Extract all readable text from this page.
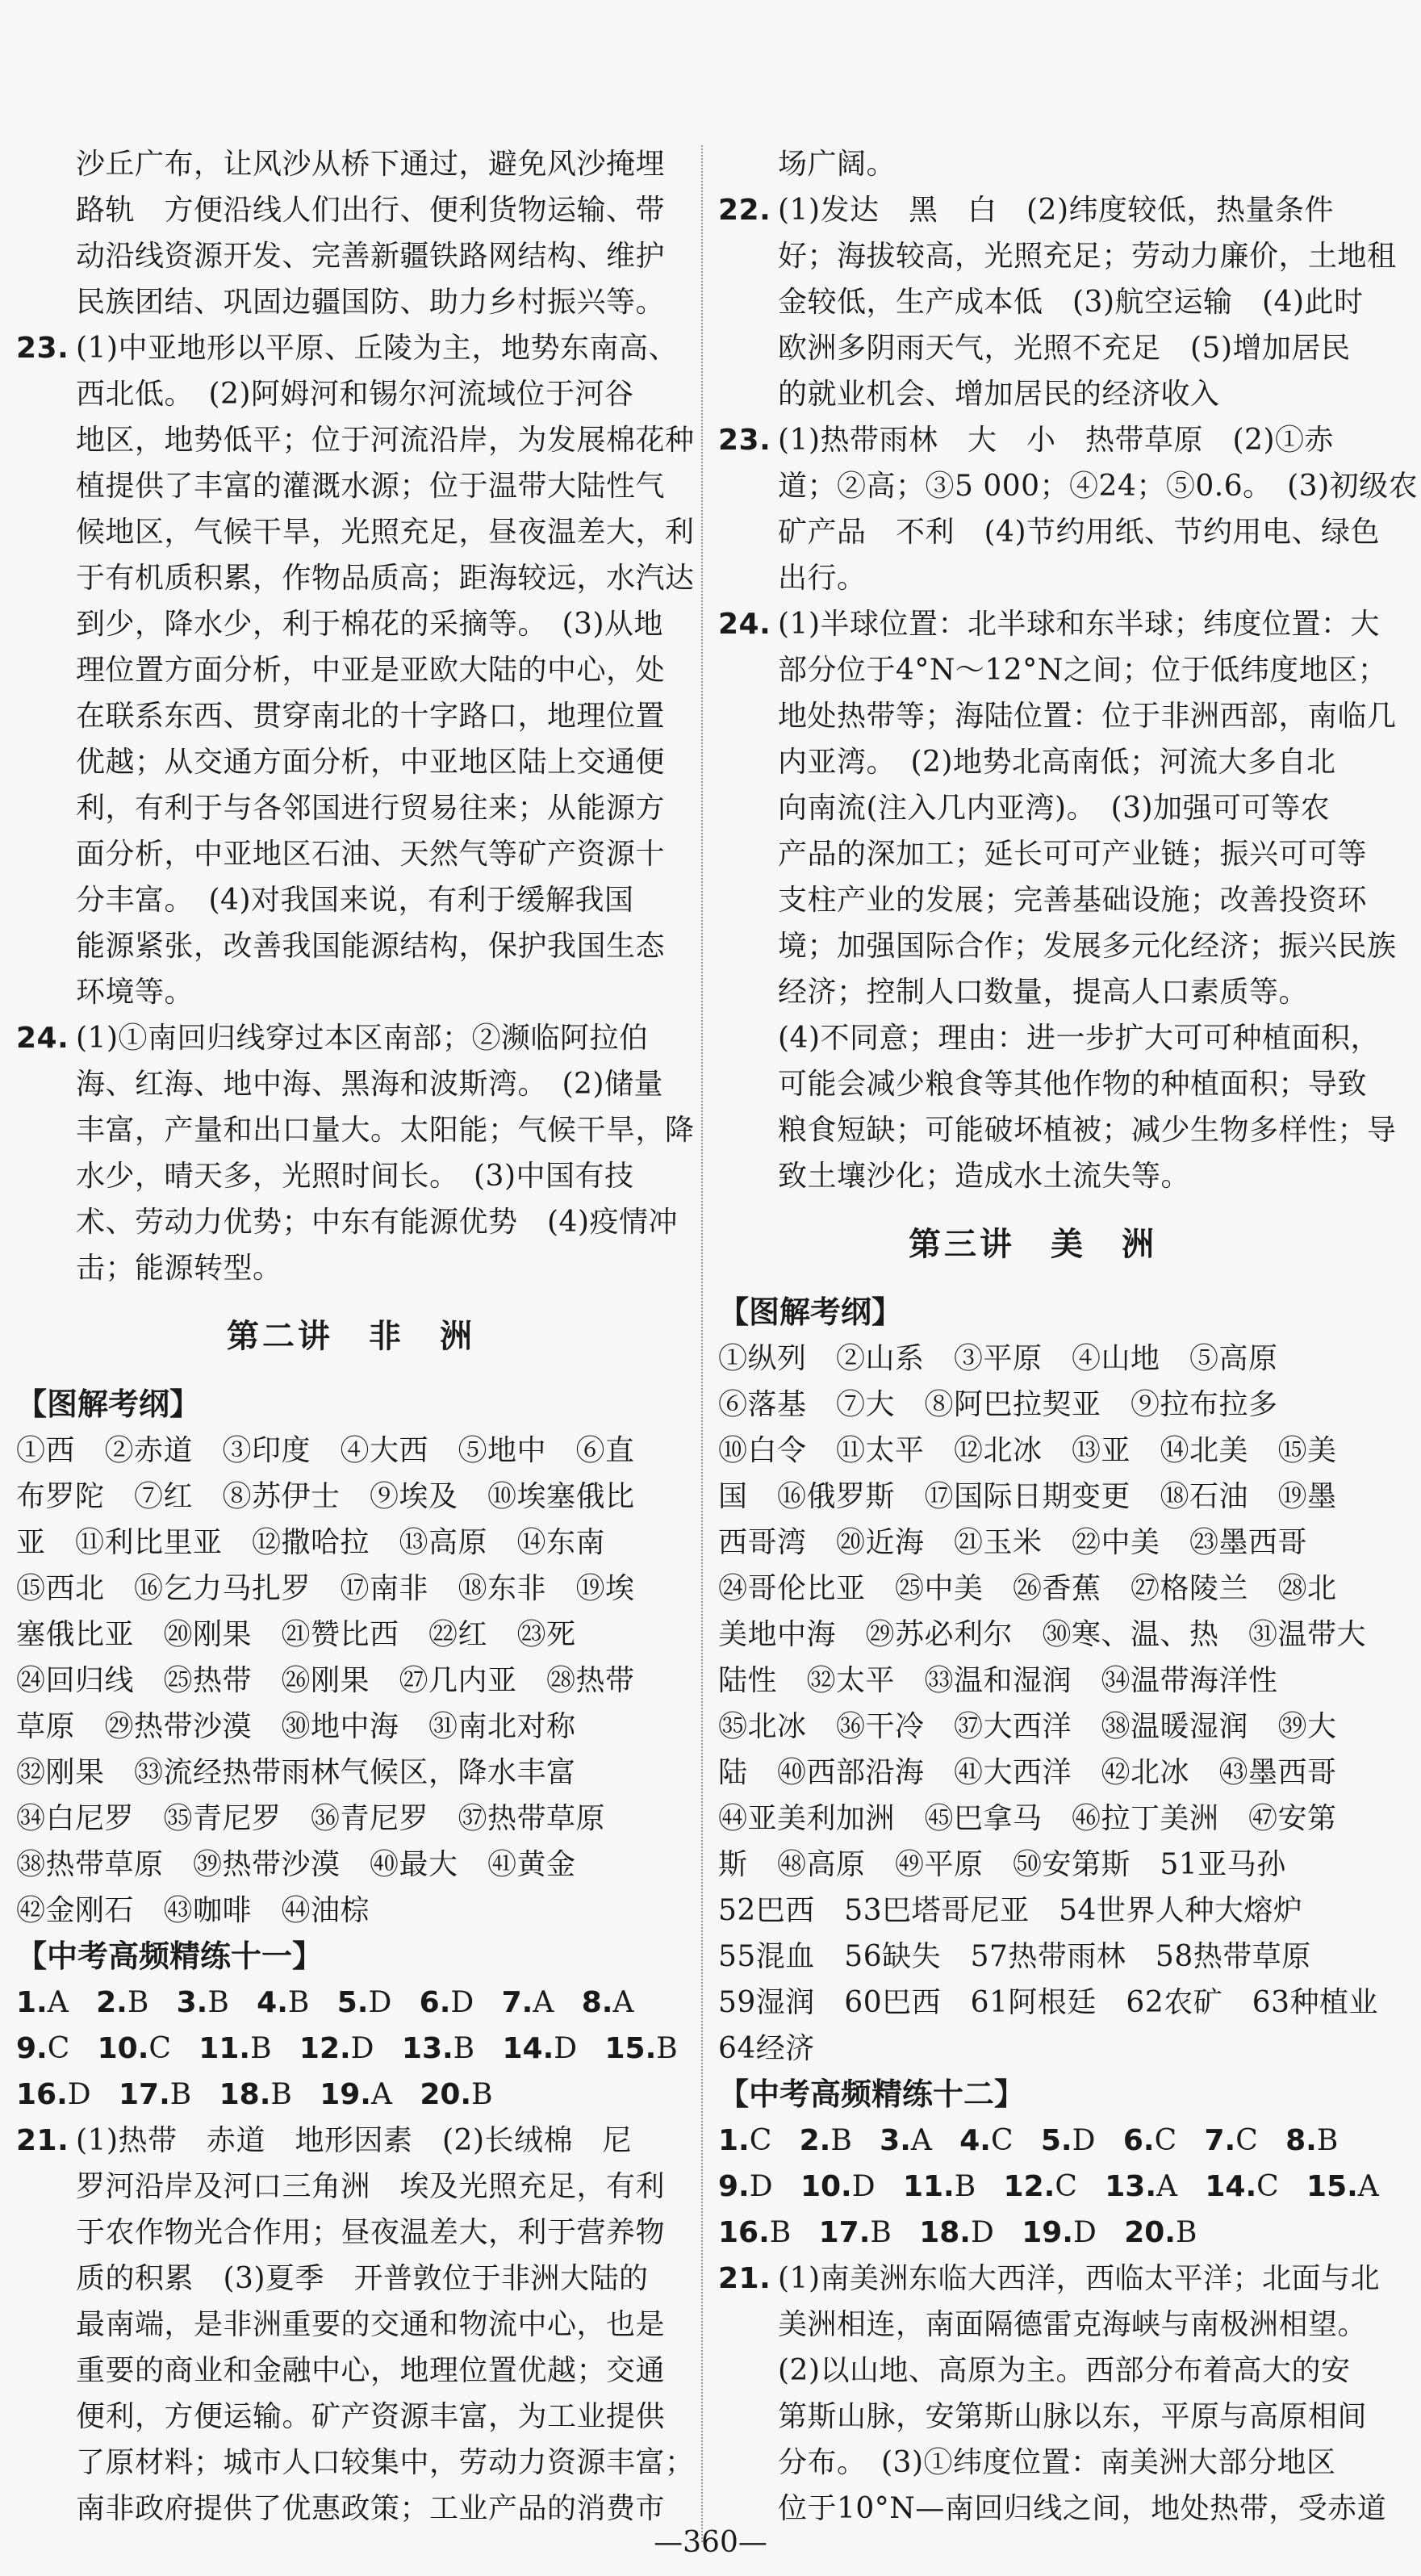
沙丘广布，让风沙从桥下通过，避免风沙掩埋
路轨　方便沿线人们出行、便利货物运输、带
动沿线资源开发、完善新疆铁路网结构、维护
民族团结、巩固边疆国防、助力乡村振兴等。
23. (1)中亚地形以平原、丘陵为主，地势东南高、
西北低。　(2)阿姆河和锡尔河流域位于河谷
地区，地势低平；位于河流沿岸，为发展棉花种
植提供了丰富的灌溉水源；位于温带大陆性气
候地区，气候干旱，光照充足，昼夜温差大，利
于有机质积累，作物品质高；距海较远，水汽达
到少，降水少，利于棉花的采摘等。　(3)从地
理位置方面分析，中亚是亚欧大陆的中心，处
在联系东西、贯穿南北的十字路口，地理位置
优越；从交通方面分析，中亚地区陆上交通便
利，有利于与各邻国进行贸易往来；从能源方
面分析，中亚地区石油、天然气等矿产资源十
分丰富。　(4)对我国来说，有利于缓解我国
能源紧张，改善我国能源结构，保护我国生态
环境等。
24. (1)①南回归线穿过本区南部；②濒临阿拉伯
海、红海、地中海、黑海和波斯湾。　(2)储量
丰富，产量和出口量大。太阳能；气候干旱，降
水少，晴天多，光照时间长。　(3)中国有技
术、劳动力优势；中东有能源优势　(4)疫情冲
击；能源转型。
第二讲　非　洲
【图解考纲】
①西　②赤道　③印度　④大西　⑤地中　⑥直
布罗陀　⑦红　⑧苏伊士　⑨埃及　⑩埃塞俄比
亚　⑪利比里亚　⑫撒哈拉　⑬高原　⑭东南
⑮西北　⑯乞力马扎罗　⑰南非　⑱东非　⑲埃
塞俄比亚　⑳刚果　㉑赞比西　㉒红　㉓死
㉔回归线　㉕热带　㉖刚果　㉗几内亚　㉘热带
草原　㉙热带沙漠　㉚地中海　㉛南北对称
㉜刚果　㉝流经热带雨林气候区，降水丰富
㉞白尼罗　㉟青尼罗　㊱青尼罗　㊲热带草原
㊳热带草原　㊴热带沙漠　㊵最大　㊶黄金
㊷金刚石　㊸咖啡　㊹油棕
【中考高频精练十一】
1.A 2.B 3.B 4.B 5.D 6.D 7.A 8.A
9.C 10.C 11.B 12.D 13.B 14.D 15.B
16.D 17.B 18.B 19.A 20.B
21. (1)热带　赤道　地形因素　(2)长绒棉　尼
罗河沿岸及河口三角洲　埃及光照充足，有利
于农作物光合作用；昼夜温差大，利于营养物
质的积累　(3)夏季　开普敦位于非洲大陆的
最南端，是非洲重要的交通和物流中心，也是
重要的商业和金融中心，地理位置优越；交通
便利，方便运输。矿产资源丰富，为工业提供
了原材料；城市人口较集中，劳动力资源丰富；
南非政府提供了优惠政策；工业产品的消费市
场广阔。
22. (1)发达　黑　白　(2)纬度较低，热量条件
好；海拔较高，光照充足；劳动力廉价，土地租
金较低，生产成本低　(3)航空运输　(4)此时
欧洲多阴雨天气，光照不充足　(5)增加居民
的就业机会、增加居民的经济收入
23. (1)热带雨林　大　小　热带草原　(2)①赤
道；②高；③5 000；④24；⑤0.6。　(3)初级农
矿产品　不利　(4)节约用纸、节约用电、绿色
出行。
24. (1)半球位置：北半球和东半球；纬度位置：大
部分位于4°N～12°N之间；位于低纬度地区；
地处热带等；海陆位置：位于非洲西部，南临几
内亚湾。　(2)地势北高南低；河流大多自北
向南流(注入几内亚湾)。　(3)加强可可等农
产品的深加工；延长可可产业链；振兴可可等
支柱产业的发展；完善基础设施；改善投资环
境；加强国际合作；发展多元化经济；振兴民族
经济；控制人口数量，提高人口素质等。
(4)不同意；理由：进一步扩大可可种植面积，
可能会减少粮食等其他作物的种植面积；导致
粮食短缺；可能破坏植被；减少生物多样性；导
致土壤沙化；造成水土流失等。
第三讲　美　洲
【图解考纲】
①纵列　②山系　③平原　④山地　⑤高原
⑥落基　⑦大　⑧阿巴拉契亚　⑨拉布拉多
⑩白令　⑪太平　⑫北冰　⑬亚　⑭北美　⑮美
国　⑯俄罗斯　⑰国际日期变更　⑱石油　⑲墨
西哥湾　⑳近海　㉑玉米　㉒中美　㉓墨西哥
㉔哥伦比亚　㉕中美　㉖香蕉　㉗格陵兰　㉘北
美地中海　㉙苏必利尔　㉚寒、温、热　㉛温带大
陆性　㉜太平　㉝温和湿润　㉞温带海洋性
㉟北冰　㊱干冷　㊲大西洋　㊳温暖湿润　㊴大
陆　㊵西部沿海　㊶大西洋　㊷北冰　㊸墨西哥
㊹亚美利加洲　㊺巴拿马　㊻拉丁美洲　㊼安第
斯　㊽高原　㊾平原　㊿安第斯　51亚马孙
52巴西　53巴塔哥尼亚　54世界人种大熔炉
55混血　56缺失　57热带雨林　58热带草原
59湿润　60巴西　61阿根廷　62农矿　63种植业
64经济
【中考高频精练十二】
1.C 2.B 3.A 4.C 5.D 6.C 7.C 8.B
9.D 10.D 11.B 12.C 13.A 14.C 15.A
16.B 17.B 18.D 19.D 20.B
21. (1)南美洲东临大西洋，西临太平洋；北面与北
美洲相连，南面隔德雷克海峡与南极洲相望。
(2)以山地、高原为主。西部分布着高大的安
第斯山脉，安第斯山脉以东，平原与高原相间
分布。　(3)①纬度位置：南美洲大部分地区
位于10°N—南回归线之间，地处热带，受赤道
—360—
